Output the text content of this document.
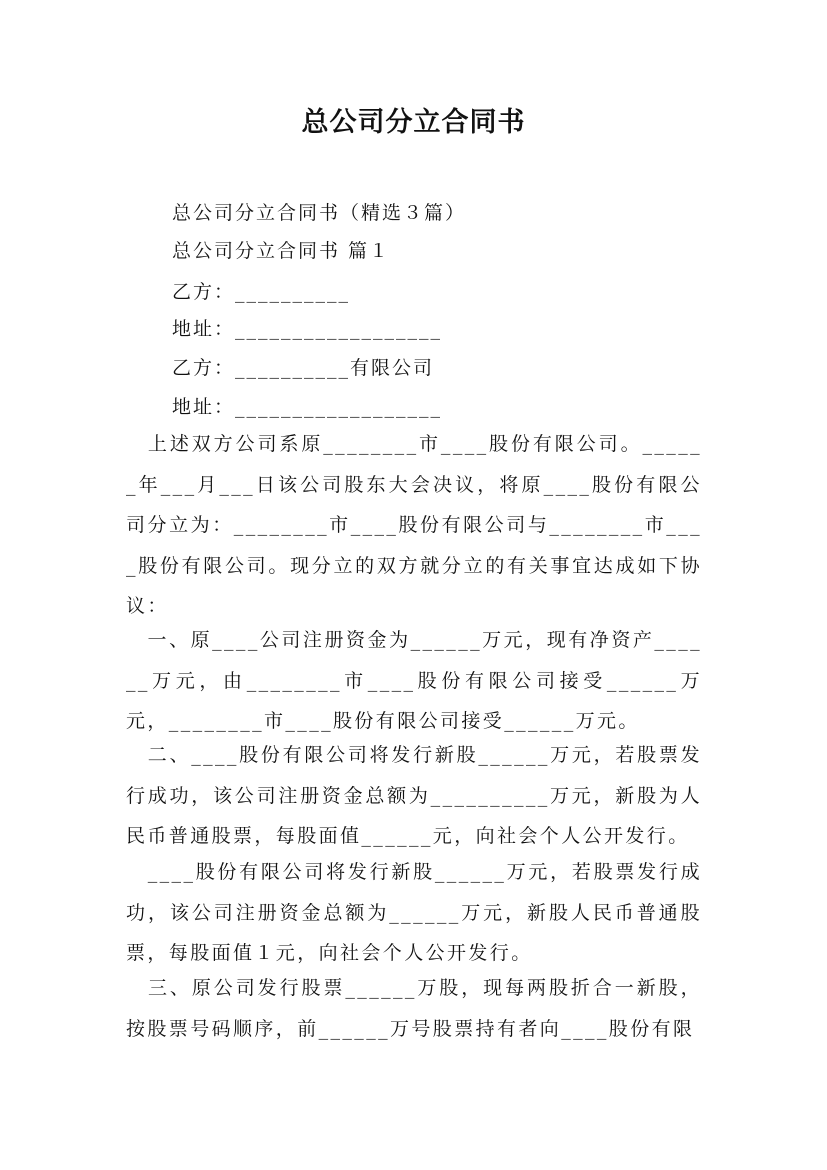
总公司分立合同书
总公司分立合同书（精选３篇）
总公司分立合同书 篇１
乙方：__________
地址：__________________
乙方：__________有限公司
地址：__________________
　上述双方公司系原________市____股份有限公司。______年___月___日该公司股东大会决议，将原____股份有限公司分立为：________市____股份有限公司与________市____股份有限公司。现分立的双方就分立的有关事宜达成如下协议：
　一、原____公司注册资金为______万元，现有净资产______万元，由________市____股份有限公司接受______万元，________市____股份有限公司接受______万元。
　二、____股份有限公司将发行新股______万元，若股票发行成功，该公司注册资金总额为__________万元，新股为人民币普通股票，每股面值______元，向社会个人公开发行。
　____股份有限公司将发行新股______万元，若股票发行成功，该公司注册资金总额为______万元，新股人民币普通股票，每股面值１元，向社会个人公开发行。
　三、原公司发行股票______万股，现每两股折合一新股，按股票号码顺序，前______万号股票持有者向____股份有限
